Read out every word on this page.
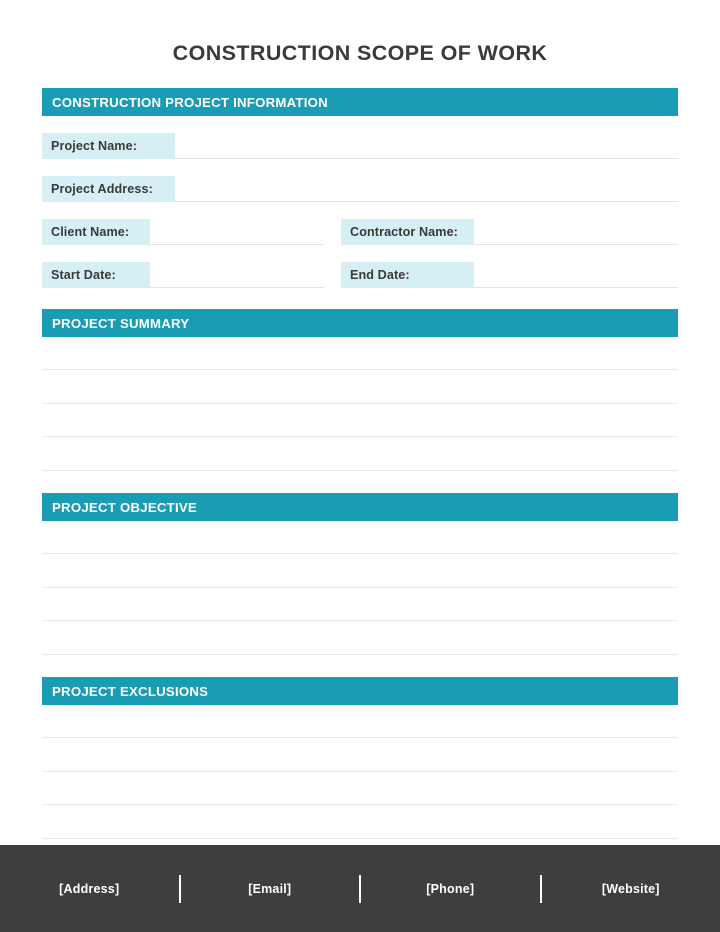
CONSTRUCTION SCOPE OF WORK
CONSTRUCTION PROJECT INFORMATION
Project Name:
Project Address:
Client Name:	Contractor Name:
Start Date:	End Date:
PROJECT SUMMARY
PROJECT OBJECTIVE
PROJECT EXCLUSIONS
[Address]	[Email]	[Phone]	[Website]
